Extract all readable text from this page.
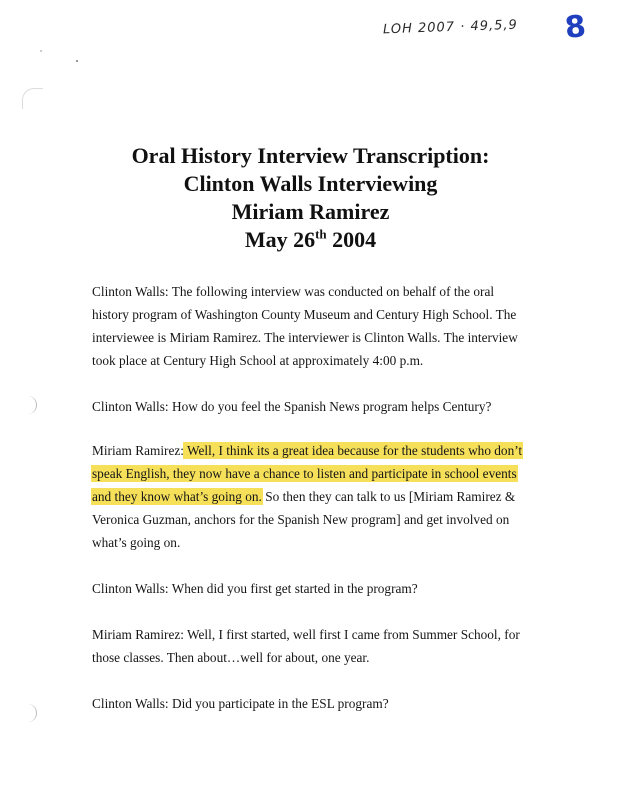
LOH 2007 · 49,5,9 8
Oral History Interview Transcription:
Clinton Walls Interviewing
Miriam Ramirez
May 26th 2004
Clinton Walls: The following interview was conducted on behalf of the oral
history program of Washington County Museum and Century High School. The
interviewee is Miriam Ramirez. The interviewer is Clinton Walls. The interview
took place at Century High School at approximately 4:00 p.m.
Clinton Walls: How do you feel the Spanish News program helps Century?
Miriam Ramirez: Well, I think its a great idea because for the students who don’t
speak English, they now have a chance to listen and participate in school events
and they know what’s going on. So then they can talk to us [Miriam Ramirez &
Veronica Guzman, anchors for the Spanish New program] and get involved on
what’s going on.
Clinton Walls: When did you first get started in the program?
Miriam Ramirez: Well, I first started, well first I came from Summer School, for
those classes. Then about…well for about, one year.
Clinton Walls: Did you participate in the ESL program?
